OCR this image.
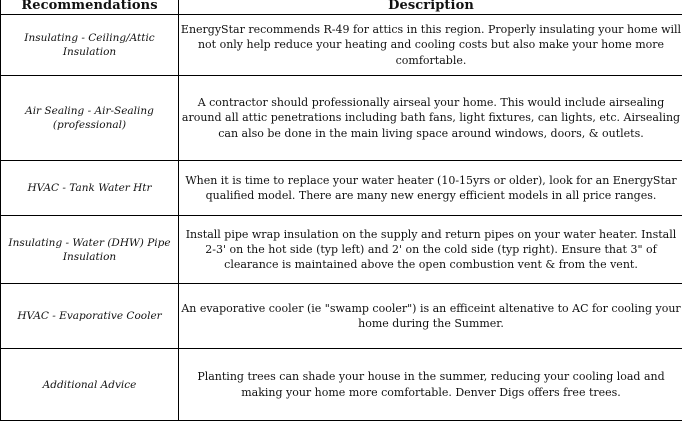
Recommendations	Description
Insulating - Ceiling/Attic Insulation	EnergyStar recommends R-49 for attics in this region. Properly insulating your home will not only help reduce your heating and cooling costs but also make your home more comfortable.
Air Sealing - Air-Sealing (professional)	A contractor should professionally airseal your home. This would include airsealing around all attic penetrations including bath fans, light fixtures, can lights, etc. Airsealing can also be done in the main living space around windows, doors, & outlets.
HVAC - Tank Water Htr	When it is time to replace your water heater (10-15yrs or older), look for an EnergyStar qualified model. There are many new energy efficient models in all price ranges.
Insulating - Water (DHW) Pipe Insulation	Install pipe wrap insulation on the supply and return pipes on your water heater. Install 2-3' on the hot side (typ left) and 2' on the cold side (typ right). Ensure that 3" of clearance is maintained above the open combustion vent & from the vent.
HVAC - Evaporative Cooler	An evaporative cooler (ie "swamp cooler") is an efficeint altenative to AC for cooling your home during the Summer.
Additional Advice	Planting trees can shade your house in the summer, reducing your cooling load and making your home more comfortable. Denver Digs offers free trees.
